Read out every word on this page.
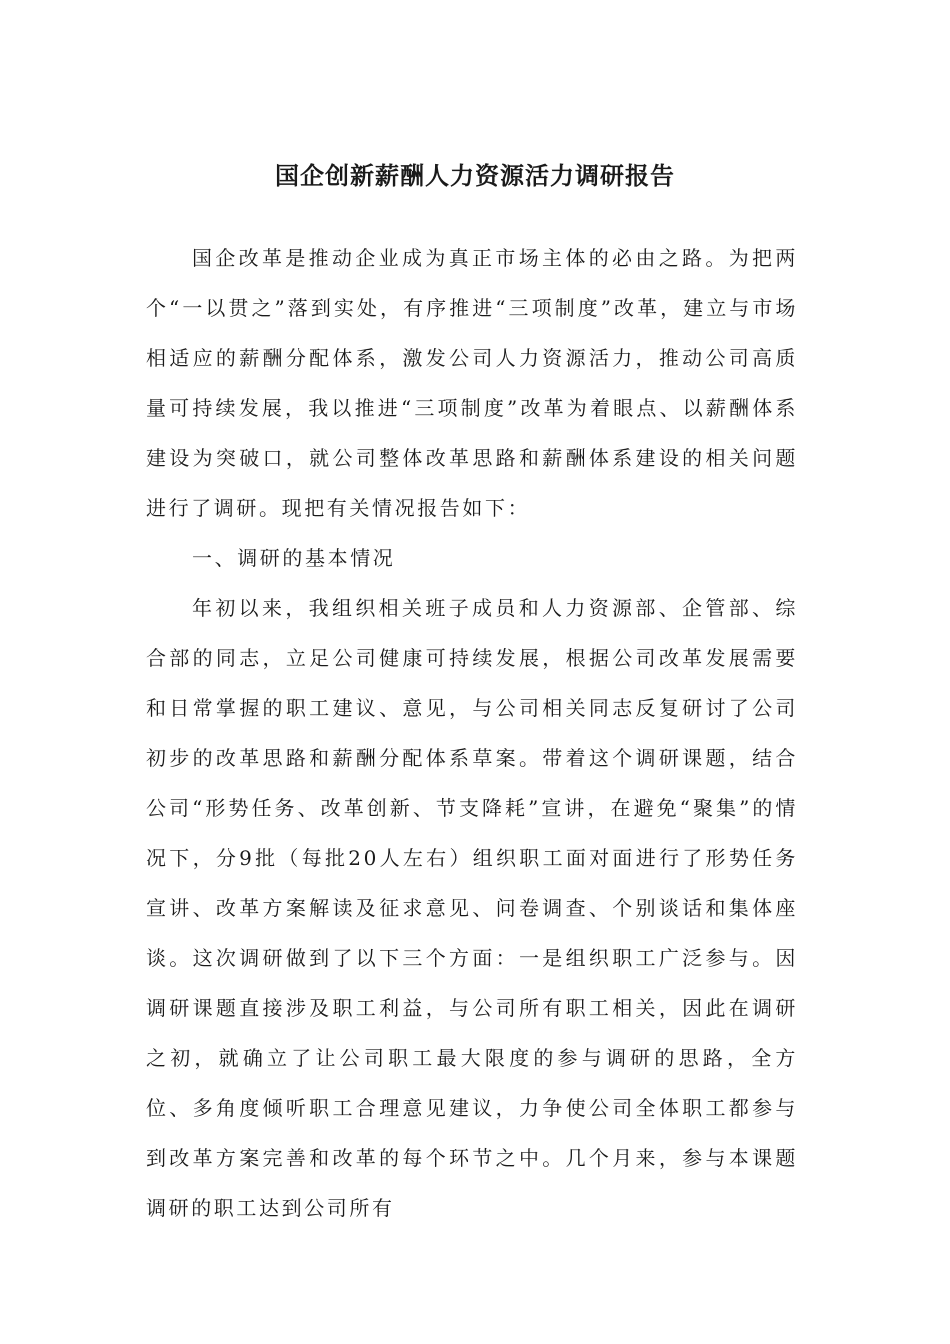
国企创新薪酬人力资源活力调研报告

国企改革是推动企业成为真正市场主体的必由之路。为把两个“一以贯之”落到实处，有序推进“三项制度”改革，建立与市场相适应的薪酬分配体系，激发公司人力资源活力，推动公司高质量可持续发展，我以推进“三项制度”改革为着眼点、以薪酬体系建设为突破口，就公司整体改革思路和薪酬体系建设的相关问题进行了调研。现把有关情况报告如下：

一、调研的基本情况

年初以来，我组织相关班子成员和人力资源部、企管部、综合部的同志，立足公司健康可持续发展，根据公司改革发展需要和日常掌握的职工建议、意见，与公司相关同志反复研讨了公司初步的改革思路和薪酬分配体系草案。带着这个调研课题，结合公司“形势任务、改革创新、节支降耗”宣讲，在避免“聚集”的情况下，分9批（每批20人左右）组织职工面对面进行了形势任务宣讲、改革方案解读及征求意见、问卷调查、个别谈话和集体座谈。这次调研做到了以下三个方面：一是组织职工广泛参与。因调研课题直接涉及职工利益，与公司所有职工相关，因此在调研之初，就确立了让公司职工最大限度的参与调研的思路，全方位、多角度倾听职工合理意见建议，力争使公司全体职工都参与到改革方案完善和改革的每个环节之中。几个月来，参与本课题调研的职工达到公司所有
